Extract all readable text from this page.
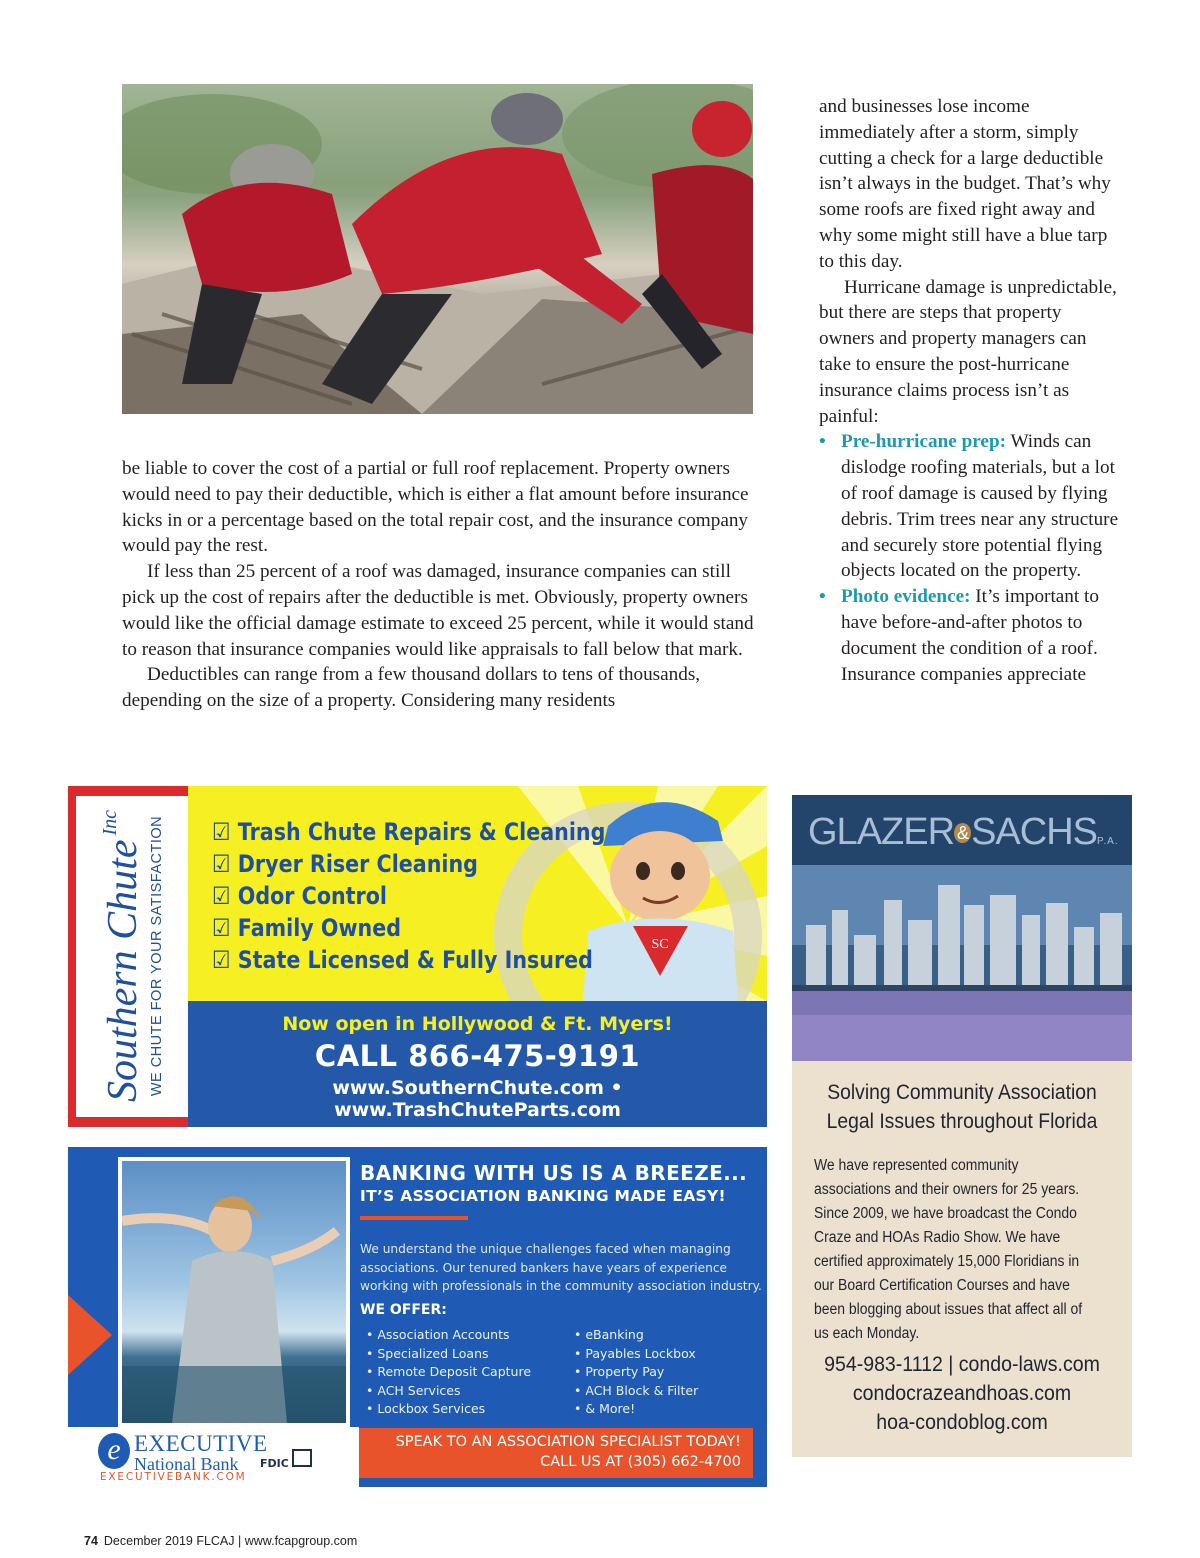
be liable to cover the cost of a partial or full roof replacement. Property owners would need to pay their deductible, which is either a flat amount before insurance kicks in or a percentage based on the total repair cost, and the insurance company would pay the rest.

If less than 25 percent of a roof was damaged, insurance companies can still pick up the cost of repairs after the deductible is met. Obviously, property owners would like the official damage estimate to exceed 25 percent, while it would stand to reason that insurance companies would like appraisals to fall below that mark.

Deductibles can range from a few thousand dollars to tens of thousands, depending on the size of a property. Considering many residents

and businesses lose income immediately after a storm, simply cutting a check for a large deductible isn’t always in the budget. That’s why some roofs are fixed right away and why some might still have a blue tarp to this day.

Hurricane damage is unpredictable, but there are steps that property owners and property managers can take to ensure the post-hurricane insurance claims process isn’t as painful:

• Pre-hurricane prep: Winds can dislodge roofing materials, but a lot of roof damage is caused by flying debris. Trim trees near any structure and securely store potential flying objects located on the property.
• Photo evidence: It’s important to have before-and-after photos to document the condition of a roof. Insurance companies appreciate
Southern Chute Inc WE CHUTE FOR YOUR SATISFACTION	SC
☑ Trash Chute Repairs & Cleaning
☑ Dryer Riser Cleaning
☑ Odor Control
☑ Family Owned
☑ State Licensed & Fully Insured
Now open in Hollywood & Ft. Myers!
CALL 866-475-9191
www.SouthernChute.com • www.TrashChuteParts.com
BANKING WITH US IS A BREEZE...
IT’S ASSOCIATION BANKING MADE EASY!
We understand the unique challenges faced when managing associations. Our tenured bankers have years of experience working with professionals in the community association industry.
WE OFFER:
• Association Accounts
• Specialized Loans
• Remote Deposit Capture
• ACH Services
• Lockbox Services
• eBanking
• Payables Lockbox
• Property Pay
• ACH Block & Filter
• & More!
SPEAK TO AN ASSOCIATION SPECIALIST TODAY!
CALL US AT (305) 662-4700
e EXECUTIVE
National Bank
EXECUTIVEBANK.COM
FDIC
GLAZER &SACHSP.A.
Solving Community Association Legal Issues throughout Florida
We have represented community associations and their owners for 25 years. Since 2009, we have broadcast the Condo Craze and HOAs Radio Show. We have certified approximately 15,000 Floridians in our Board Certification Courses and have been blogging about issues that affect all of us each Monday.
954-983-1112 | condo-laws.com
condocrazeandhoas.com
hoa-condoblog.com
74 December 2019 FLCAJ | www.fcapgroup.com
